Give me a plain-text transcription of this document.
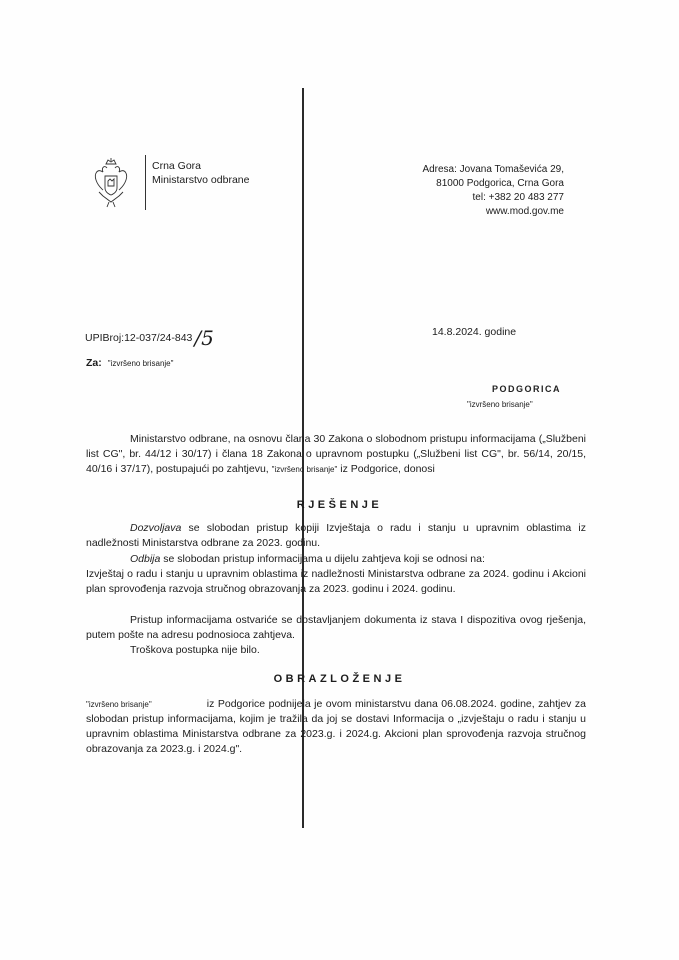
Crna Gora
Ministarstvo odbrane
Adresa: Jovana Tomaševića 29,
81000 Podgorica, Crna Gora
tel: +382 20 483 277
www.mod.gov.me
UPIBroj:12-037/24-843 /5	14.8.2024. godine
Za: "izvršeno brisanje"
PODGORICA
"izvršeno brisanje"
Ministarstvo odbrane, na osnovu člana 30 Zakona o slobodnom pristupu informacijama („Službeni list CG", br. 44/12 i 30/17) i člana 18 Zakona o upravnom postupku („Službeni list CG", br. 56/14, 20/15, 40/16 i 37/17), postupajući po zahtjevu, "izvršeno brisanje" iz Podgorice, donosi
RJEŠENJE
Dozvoljava se slobodan pristup kopiji Izvještaja o radu i stanju u upravnim oblastima iz nadležnosti Ministarstva odbrane za 2023. godinu.
Odbija se slobodan pristup informacijama u dijelu zahtjeva koji se odnosi na:
Izvještaj o radu i stanju u upravnim oblastima iz nadležnosti Ministarstva odbrane za 2024. godinu i Akcioni plan sprovođenja razvoja stručnog obrazovanja za 2023. godinu i 2024. godinu.
Pristup informacijama ostvariće se dostavljanjem dokumenta iz stava I dispozitiva ovog rješenja, putem pošte na adresu podnosioca zahtjeva.
Troškova postupka nije bilo.
OBRAZLOŽENJE
"izvršeno brisanje"	iz Podgorice podnijela je ovom ministarstvu dana 06.08.2024. godine, zahtjev za slobodan pristup informacijama, kojim je tražila da joj se dostavi Informacija o „izvještaju o radu i stanju u upravnim oblastima Ministarstva odbrane za 2023.g. i 2024.g. Akcioni plan sprovođenja razvoja stručnog obrazovanja za 2023.g. i 2024.g".
